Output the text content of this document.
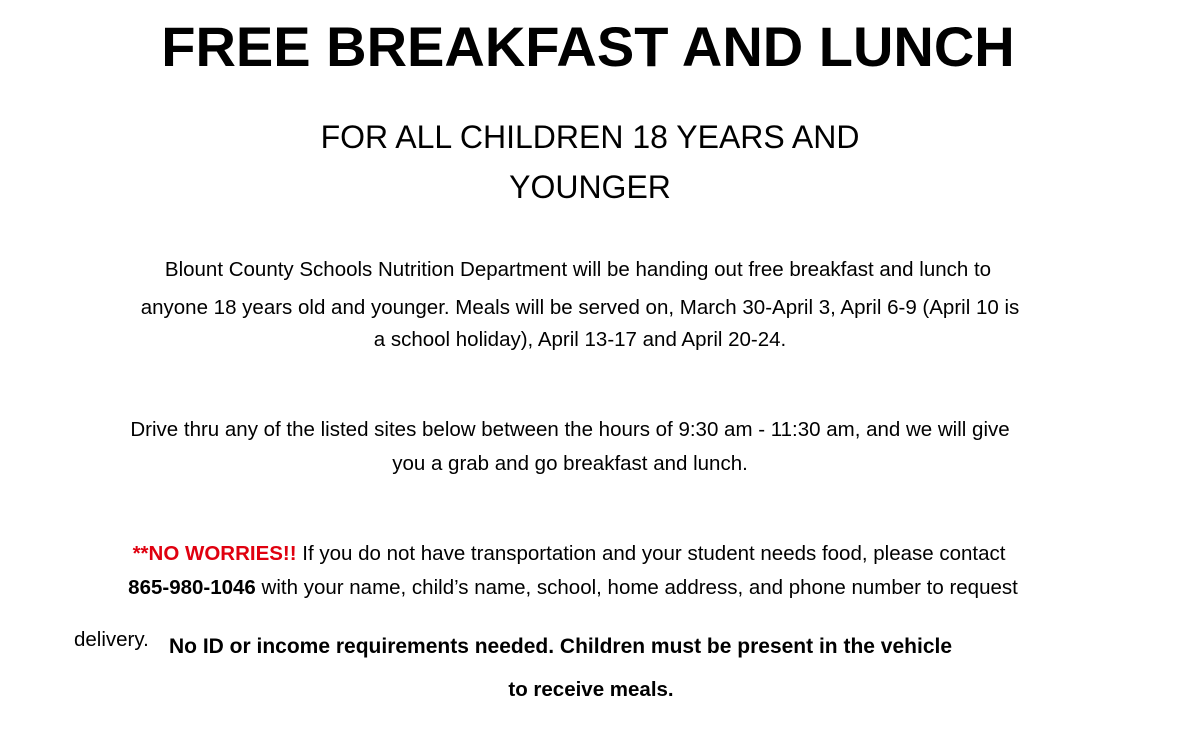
FREE BREAKFAST AND LUNCH
FOR ALL CHILDREN 18 YEARS AND
YOUNGER
Blount County Schools Nutrition Department will be handing out free breakfast and lunch to
anyone 18 years old and younger. Meals will be served on, March 30-April 3, April 6-9 (April 10 is
a school holiday), April 13-17 and April 20-24.
Drive thru any of the listed sites below between the hours of 9:30 am - 11:30 am, and we will give
you a grab and go breakfast and lunch.
**NO WORRIES!! If you do not have transportation and your student needs food, please contact
865-980-1046 with your name, child’s name, school, home address, and phone number to request
delivery. No ID or income requirements needed. Children must be present in the vehicle
to receive meals.
